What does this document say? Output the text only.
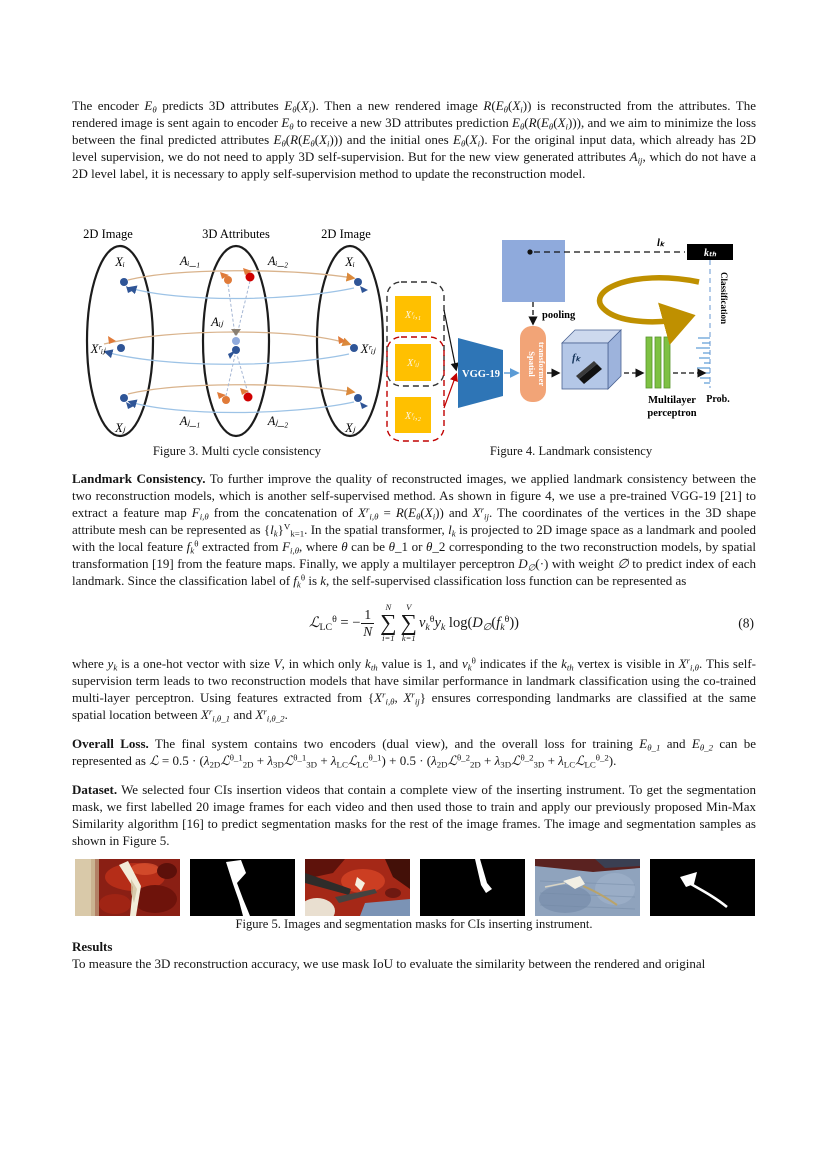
The encoder $E_\theta$ predicts 3D attributes $E_\theta(X_i)$. Then a new rendered image $R(E_\theta(X_i))$ is reconstructed from the attributes. The rendered image is sent again to encoder $E_\theta$ to receive a new 3D attributes prediction $E_\theta(R(E_\theta(X_i)))$, and we aim to minimize the loss between the final predicted attributes $E_\theta(R(E_\theta(X_i)))$ and the initial ones $E_\theta(X_i)$. For the original input data, which already has 2D level supervision, we do not need to apply 3D self-supervision. But for the new view generated attributes $A_{ij}$, which do not have a 2D level label, it is necessary to apply self-supervision method to update the reconstruction model.
2D Image	3D Attributes	2D Image
Xᵢ
Xʳᵢⱼ
Xⱼ
Aᵢ_₁	Aᵢ_₂
Aᵢⱼ
Aⱼ_₁	Aⱼ_₂
Xᵢ
Xʳᵢⱼ
Xⱼ
Figure 3. Multi cycle consistency
Xʳᵢ,₁
Xʳᵢⱼ
Xʳᵢ,₂
VGG-19	Spatial transformer
lₖ
kₜₕ
Classification
Prob.
pooling
fₖ
Multilayer
perceptron
Figure 4. Landmark consistency

Landmark Consistency. To further improve the quality of reconstructed images, we applied landmark consistency between the two reconstruction models, which is another self-supervised method. As shown in figure 4, we use a pre-trained VGG-19 [21] to extract a feature map $F_{i,\theta}$ from the concatenation of $X^r_{i,\theta} = R(E_\theta(X_i))$ and $X^r_{ij}$. The coordinates of the vertices in the 3D shape attribute mesh can be represented as $\{l_k\}^V_{k=1}$. In the spatial transformer, $l_k$ is projected to 2D image space as a landmark and pooled with the local feature $f_k^\theta$ extracted from $F_{i,\theta}$, where θ can be θ_1 or θ_2 corresponding to the two reconstruction models, by spatial transformation [19] from the feature maps. Finally, we apply a multilayer perceptron $D_\emptyset(\cdot)$ with weight ∅ to predict index of each landmark. Since the classification label of $f_k^\theta$ is k, the self-supervised classification loss function can be represented as

ℒ$_{LC}^\theta$ = − $\frac{1}{N}$
N
∑
i=1
V
∑
k=1
$v_k^\theta y_k$ $\log(D_\emptyset(f_k^\theta))$	(8)

where $y_k$ is a one-hot vector with size V, in which only $k_{th}$ value is 1, and $v_k^\theta$ indicates if the $k_{th}$ vertex is visible in $X^r_{i,\theta}$. This self-supervision term leads to two reconstruction models that have similar performance in landmark classification using the co-trained multi-layer perceptron. Using features extracted from {$X^r_{i,\theta}$, $X^r_{ij}$} ensures corresponding landmarks are classified at the same spatial location between $X^r_{i,\theta\_1}$ and $X^r_{i,\theta\_2}$.

Overall Loss. The final system contains two encoders (dual view), and the overall loss for training $E_{\theta\_1}$ and $E_{\theta\_2}$ can be represented as ℒ = $0.5 \cdot (\lambda_{2D}ℒ^{\theta\_1}_{2D}$ + $\lambda_{3D}ℒ^{\theta\_1}_{3D}$ + $\lambda_{LC}ℒ_{LC}^{\theta\_1}) + 0.5$ · ($\lambda_{2D}ℒ^{\theta\_2}_{2D}$ + $\lambda_{3D}ℒ^{\theta\_2}_{3D}$ + $\lambda_{LC}ℒ_{LC}^{\theta\_2}$).

Dataset. We selected four CIs insertion videos that contain a complete view of the inserting instrument. To get the segmentation mask, we first labelled 20 image frames for each video and then used those to train and apply our previously proposed Min-Max Similarity algorithm [16] to predict segmentation masks for the rest of the image frames. The image and segmentation samples as shown in Figure 5.

Figure 5. Images and segmentation masks for CIs inserting instrument.

Results

To measure the 3D reconstruction accuracy, we use mask IoU to evaluate the similarity between the rendered and original
